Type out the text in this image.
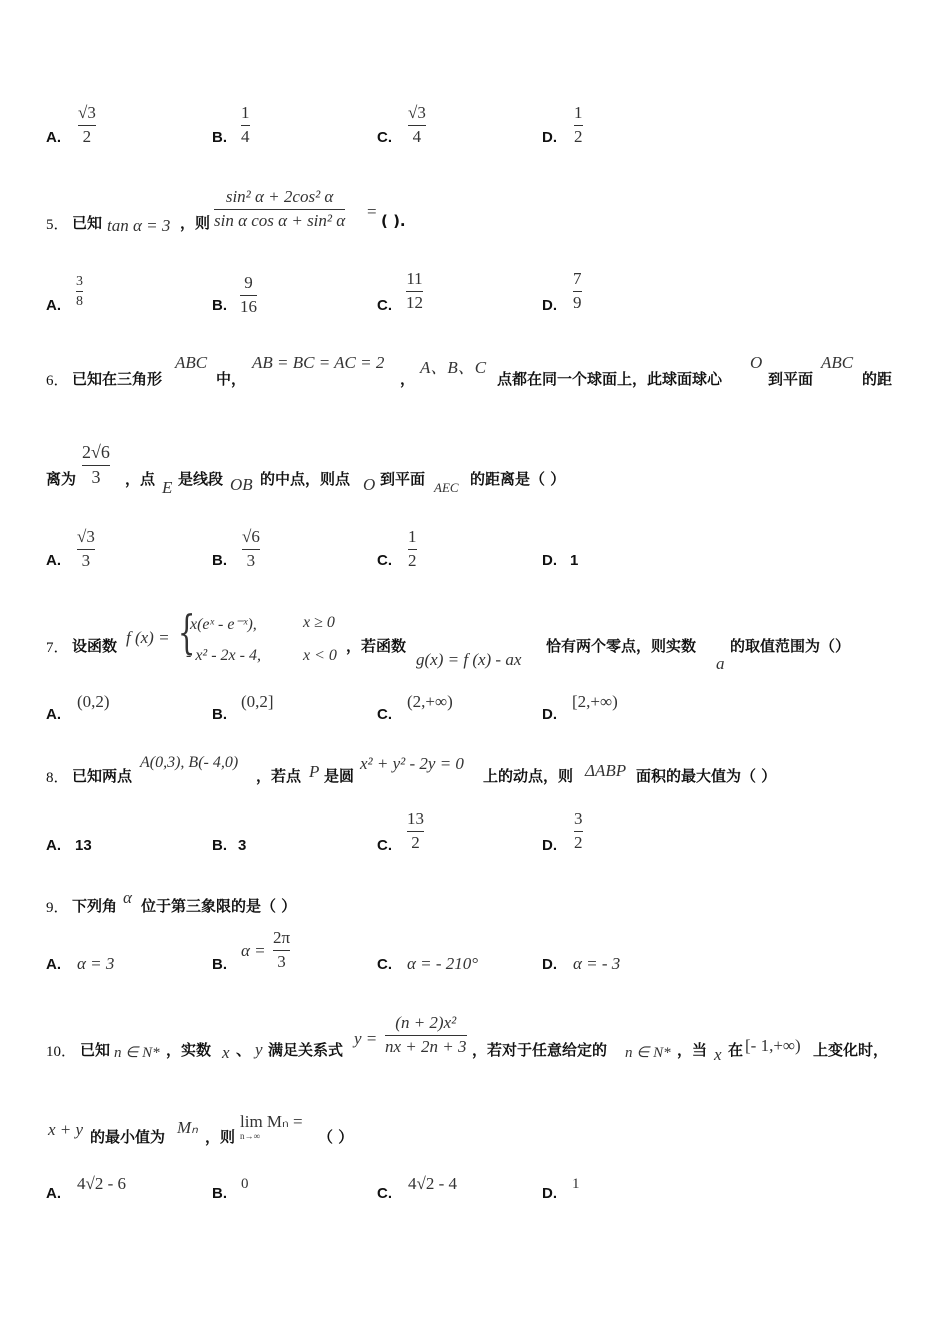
A.
√3
2	B.
1
4	C.
√3
4	D.
1
2
5． 已知 tan α = 3 ，则
sin² α + 2cos² α
sin α cos α + sin² α = ( ).
A.
3
8	B.
9
16	C.
11
12	D.
7
9
6． 已知在三角形
ABC
中，
AB = BC = AC = 2
，
A、B、C
点都在同一个球面上，此球面球心
O
到平面
ABC
的距
离为
2√6
3 ，点 E 是线段 OB 的中点，则点 O 到平面 AEC 的距离是（ ）
A.
√3
3	B.
√6
3	C.
1
2	D. 1
7． 设函数 f (x) = {
x(eˣ - e⁻ˣ),	x ≥ 0
- x² - 2x - 4,	x < 0
，若函数
g(x) = f (x) - ax
恰有两个零点，则实数
a
的取值范围为（）
A.
(0,2)
B.
(0,2]
C.
(2,+∞)
D.
[2,+∞)
8． 已知两点
A(0,3), B(- 4,0)
，若点 P 是圆
x² + y² - 2y = 0
上的动点，则 ΔABP 面积的最大值为（ ）
A. 13	B. 3	C.
13
2	D.
3
2
9． 下列角 α 位于第三象限的是（ ）
A. α = 3	B.
α =
2π
3	C. α = - 210°	D. α = - 3
10． 已知 n ∈ N* ，实数 x 、 y 满足关系式
y =
(n + 2)x²
nx + 2n + 3 ，若对于任意给定的 n ∈ N* ，当 x 在 [- 1,+∞) 上变化时，
x + y 的最小值为 Mₙ ，则
lim Mₙ =
n→∞	（ ）
A.
4√2 - 6
B.
0
C.
4√2 - 4
D.
1
